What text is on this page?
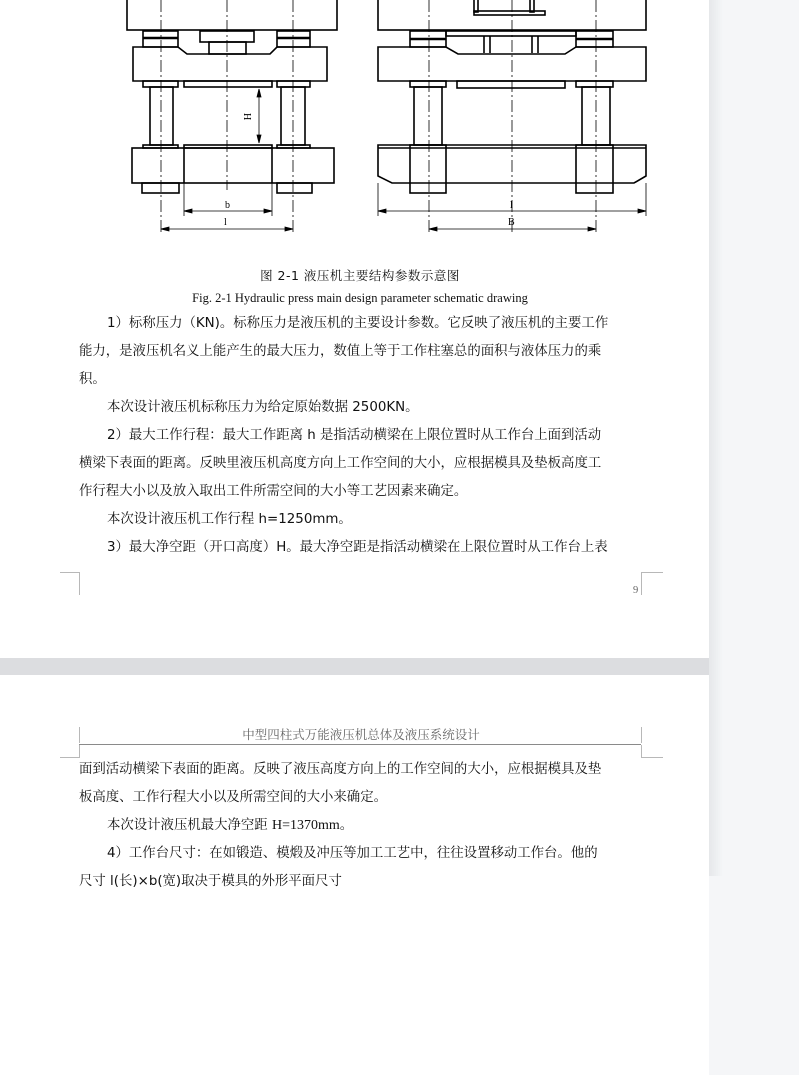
H
b
l
l
B
图 2-1 液压机主要结构参数示意图
Fig. 2-1 Hydraulic press main design parameter schematic drawing
1）标称压力（KN)。标称压力是液压机的主要设计参数。它反映了液压机的主要工作
能力，是液压机名义上能产生的最大压力，数值上等于工作柱塞总的面积与液体压力的乘
积。
本次设计液压机标称压力为给定原始数据 2500KN。
2）最大工作行程：最大工作距离 h 是指活动横梁在上限位置时从工作台上面到活动
横梁下表面的距离。反映里液压机高度方向上工作空间的大小，应根据模具及垫板高度工
作行程大小以及放入取出工件所需空间的大小等工艺因素来确定。
本次设计液压机工作行程 h=1250mm。
3）最大净空距（开口高度）H。最大净空距是指活动横梁在上限位置时从工作台上表
9
中型四柱式万能液压机总体及液压系统设计
面到活动横梁下表面的距离。反映了液压高度方向上的工作空间的大小，应根据模具及垫
板高度、工作行程大小以及所需空间的大小来确定。
本次设计液压机最大净空距 H=1370mm。
4）工作台尺寸：在如锻造、模煅及冲压等加工工艺中，往往设置移动工作台。他的
尺寸 l(长)×b(宽)取决于模具的外形平面尺寸
